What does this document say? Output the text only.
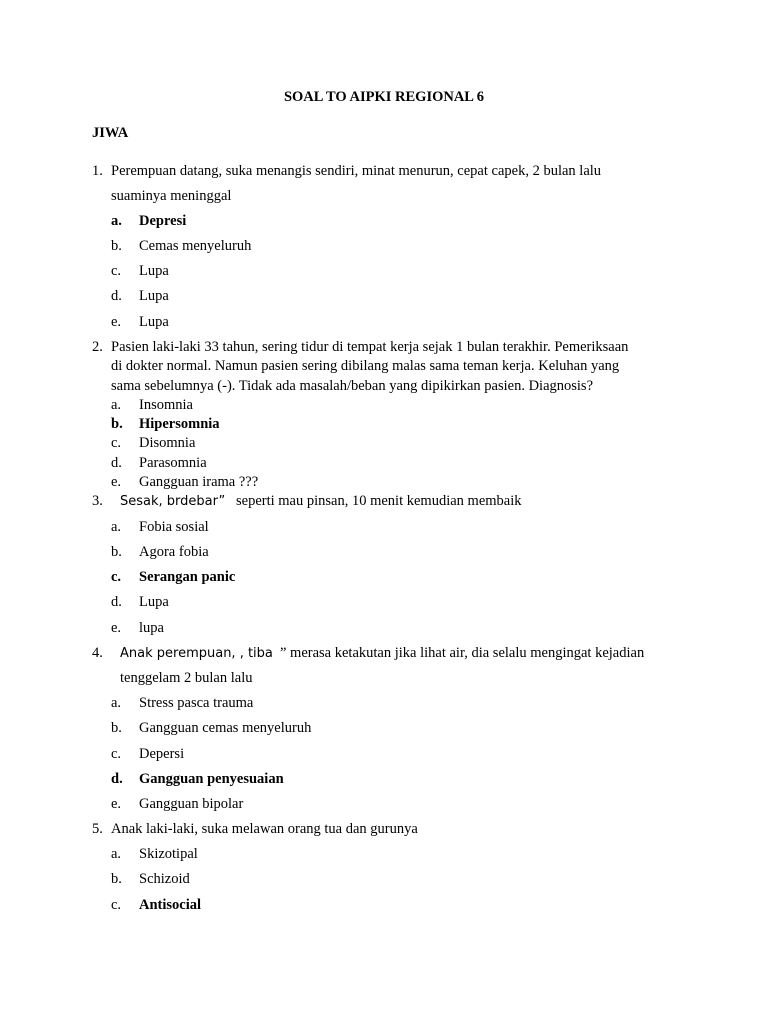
SOAL TO AIPKI REGIONAL 6
JIWA
1. Perempuan datang, suka menangis sendiri, minat menurun, cepat capek, 2 bulan lalu
suaminya meninggal
a. Depresi
b. Cemas menyeluruh
c. Lupa
d. Lupa
e. Lupa
2. Pasien laki-laki 33 tahun, sering tidur di tempat kerja sejak 1 bulan terakhir. Pemeriksaan
di dokter normal. Namun pasien sering dibilang malas sama teman kerja. Keluhan yang
sama sebelumnya (-). Tidak ada masalah/beban yang dipikirkan pasien. Diagnosis?
a. Insomnia
b. Hipersomnia
c. Disomnia
d. Parasomnia
e. Gangguan irama ???
3. Sesak, brdebar” seperti mau pinsan, 10 menit kemudian membaik
a. Fobia sosial
b. Agora fobia
c. Serangan panic
d. Lupa
e. lupa
4. Anak perempuan, , tiba ” merasa ketakutan jika lihat air, dia selalu mengingat kejadian
tenggelam 2 bulan lalu
a. Stress pasca trauma
b. Gangguan cemas menyeluruh
c. Depersi
d. Gangguan penyesuaian
e. Gangguan bipolar
5. Anak laki-laki, suka melawan orang tua dan gurunya
a. Skizotipal
b. Schizoid
c. Antisocial
